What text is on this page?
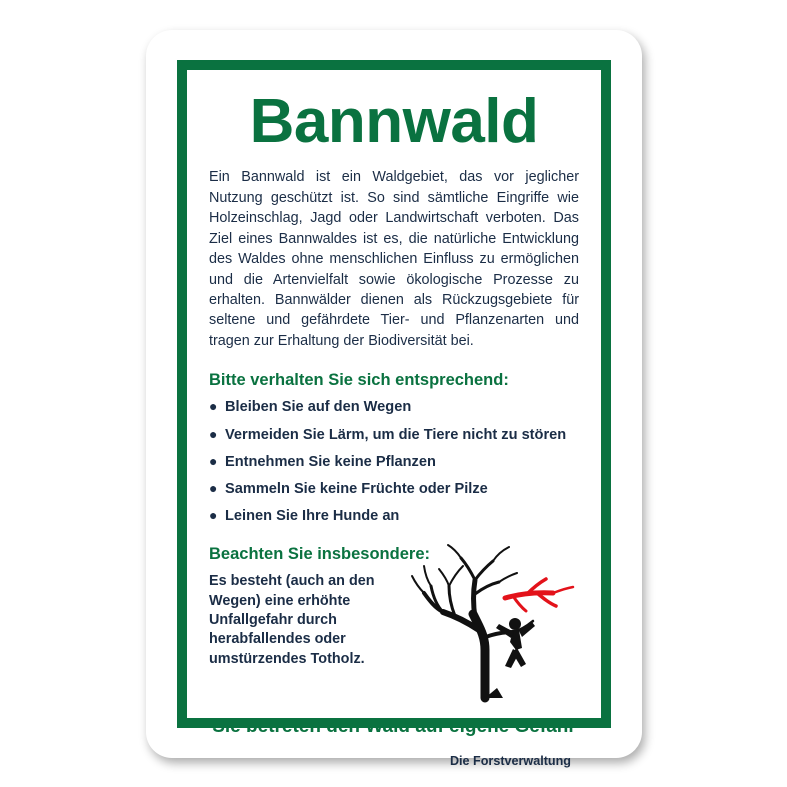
Bannwald

Ein Bannwald ist ein Waldgebiet, das vor jeglicher Nutzung geschützt ist. So sind sämtliche Eingriffe wie Holzeinschlag, Jagd oder Landwirtschaft verboten. Das Ziel eines Bannwaldes ist es, die natürliche Entwicklung des Waldes ohne menschlichen Einfluss zu ermöglichen und die Artenvielfalt sowie ökologische Prozesse zu erhalten. Bannwälder dienen als Rückzugsgebiete für seltene und gefährdete Tier- und Pflanzenarten und tragen zur Erhaltung der Biodiversität bei.

Bitte verhalten Sie sich entsprechend:
● Bleiben Sie auf den Wegen
● Vermeiden Sie Lärm, um die Tiere nicht zu stören
● Entnehmen Sie keine Pflanzen
● Sammeln Sie keine Früchte oder Pilze
● Leinen Sie Ihre Hunde an
Beachten Sie insbesondere:

Es besteht (auch an den Wegen) eine erhöhte Unfallgefahr durch herabfallendes oder umstürzendes Totholz.

Sie betreten den Wald auf eigene Gefahr
Die Forstverwaltung
